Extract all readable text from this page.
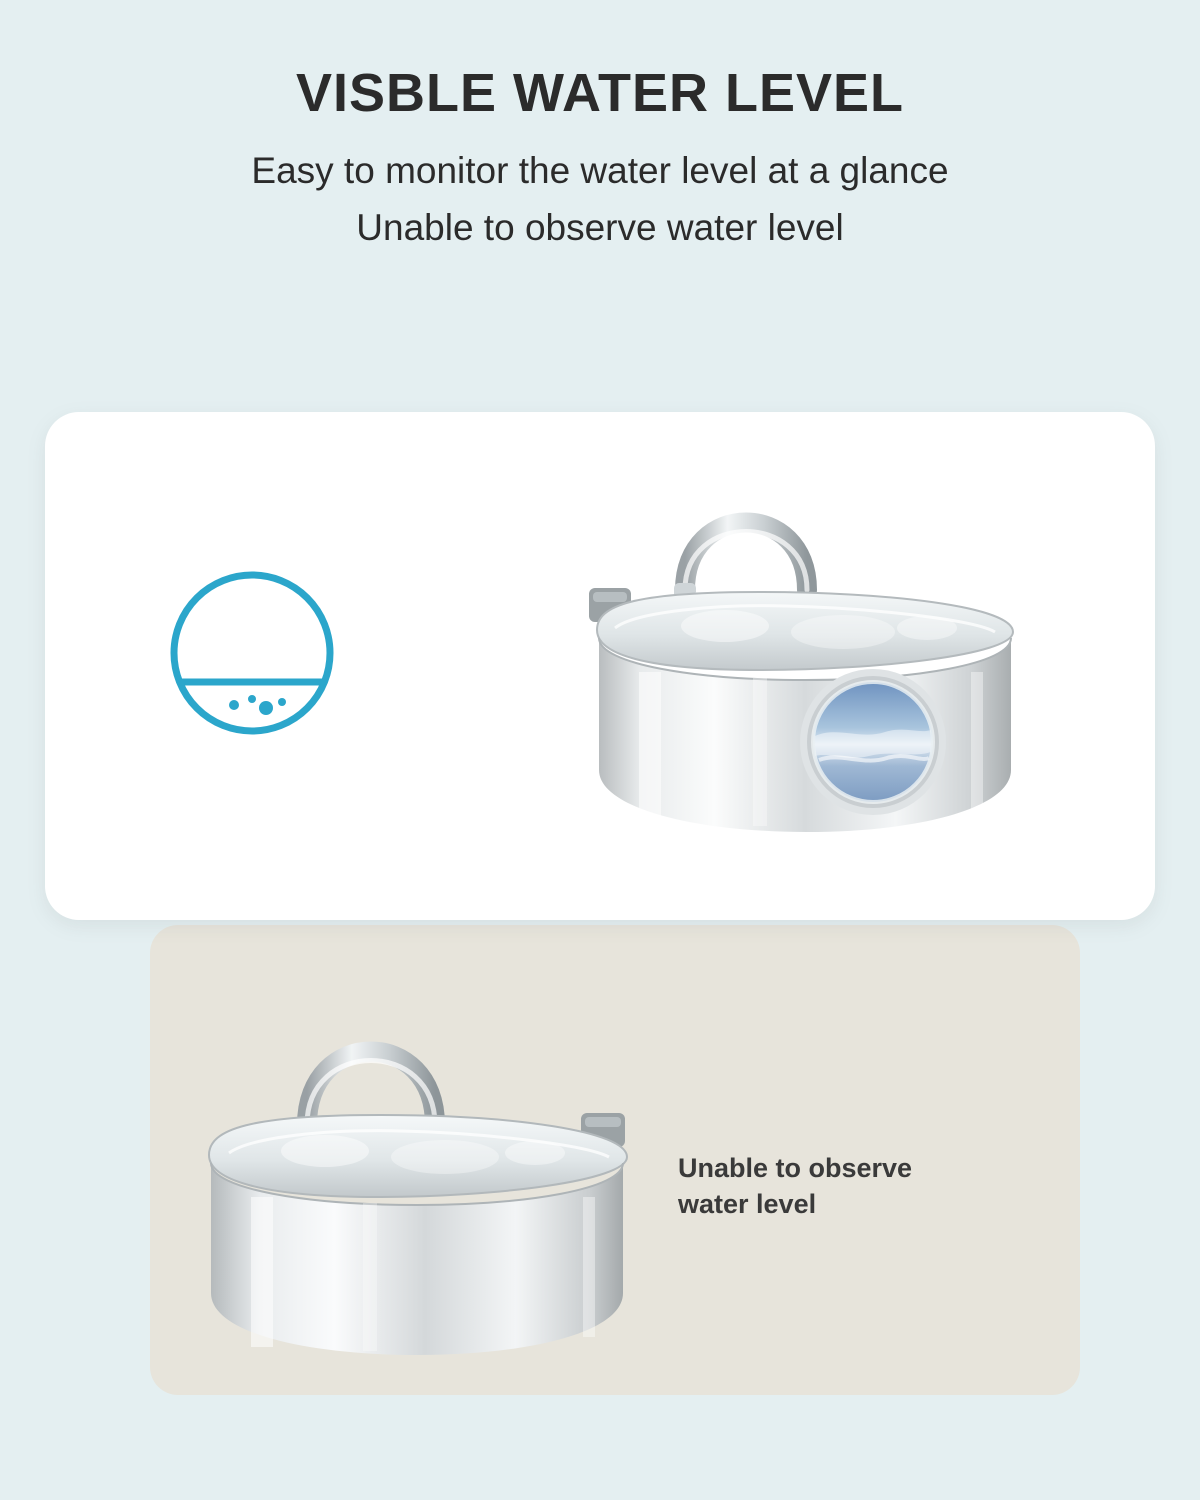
VISBLE WATER LEVEL

Easy to monitor the water level at a glance

Unable to observe water level

Unable to observe
water level
